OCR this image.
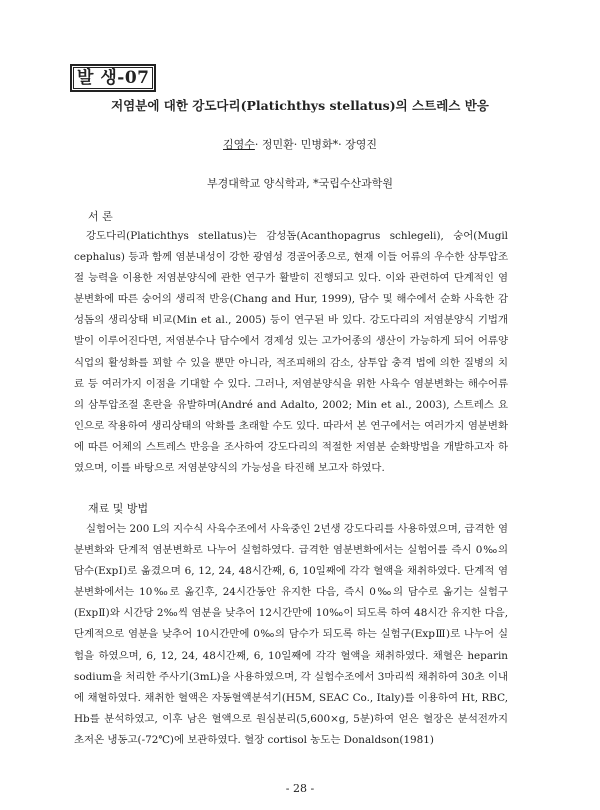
발 생-07
저염분에 대한 강도다리(Platichthys stellatus)의 스트레스 반응
김영수· 정민환· 민병화*· 장영진
부경대학교 양식학과, *국립수산과학원
서 론

강도다리(Platichthys stellatus)는 감성돔(Acanthopagrus schlegeli), 숭어(Mugil cephalus) 등과 함께 염분내성이 강한 광염성 경골어종으로, 현재 이들 어류의 우수한 삼투압조절 능력을 이용한 저염분양식에 관한 연구가 활발히 진행되고 있다. 이와 관련하여 단계적인 염분변화에 따른 숭어의 생리적 반응(Chang and Hur, 1999), 담수 및 해수에서 순화 사육한 감성돔의 생리상태 비교(Min et al., 2005) 등이 연구된 바 있다. 강도다리의 저염분양식 기법개발이 이루어진다면, 저염분수나 담수에서 경제성 있는 고가어종의 생산이 가능하게 되어 어류양식업의 활성화를 꾀할 수 있을 뿐만 아니라, 적조피해의 감소, 삼투압 충격 법에 의한 질병의 치료 등 여러가지 이점을 기대할 수 있다. 그러나, 저염분양식을 위한 사육수 염분변화는 해수어류의 삼투압조절 혼란을 유발하며(André and Adalto, 2002; Min et al., 2003), 스트레스 요인으로 작용하여 생리상태의 악화를 초래할 수도 있다. 따라서 본 연구에서는 여러가지 염분변화에 따른 어체의 스트레스 반응을 조사하여 강도다리의 적절한 저염분 순화방법을 개발하고자 하였으며, 이를 바탕으로 저염분양식의 가능성을 타진해 보고자 하였다.

재료 및 방법

실험어는 200 L의 지수식 사육수조에서 사육중인 2년생 강도다리를 사용하였으며, 급격한 염분변화와 단계적 염분변화로 나누어 실험하였다. 급격한 염분변화에서는 실험어를 즉시 0‰의 담수(ExpⅠ)로 옮겼으며 6, 12, 24, 48시간째, 6, 10일째에 각각 혈액을 채취하였다. 단계적 염분변화에서는 10‰로 옮긴후, 24시간동안 유지한 다음, 즉시 0‰의 담수로 옮기는 실험구(ExpⅡ)와 시간당 2‰씩 염분을 낮추어 12시간만에 10‰이 되도록 하여 48시간 유지한 다음, 단계적으로 염분을 낮추어 10시간만에 0‰의 담수가 되도록 하는 실험구(ExpⅢ)로 나누어 실험을 하였으며, 6, 12, 24, 48시간째, 6, 10일째에 각각 혈액을 채취하였다. 채혈은 heparin sodium을 처리한 주사기(3mL)을 사용하였으며, 각 실험수조에서 3마리씩 채취하여 30초 이내에 채혈하였다. 채취한 혈액은 자동혈액분석기(H5M, SEAC Co., Italy)를 이용하여 Ht, RBC, Hb를 분석하였고, 이후 남은 혈액으로 원심분리(5,600×g, 5분)하여 얻은 혈장은 분석전까지 초저온 냉동고(-72℃)에 보관하였다. 혈장 cortisol 농도는 Donaldson(1981)

- 28 -
